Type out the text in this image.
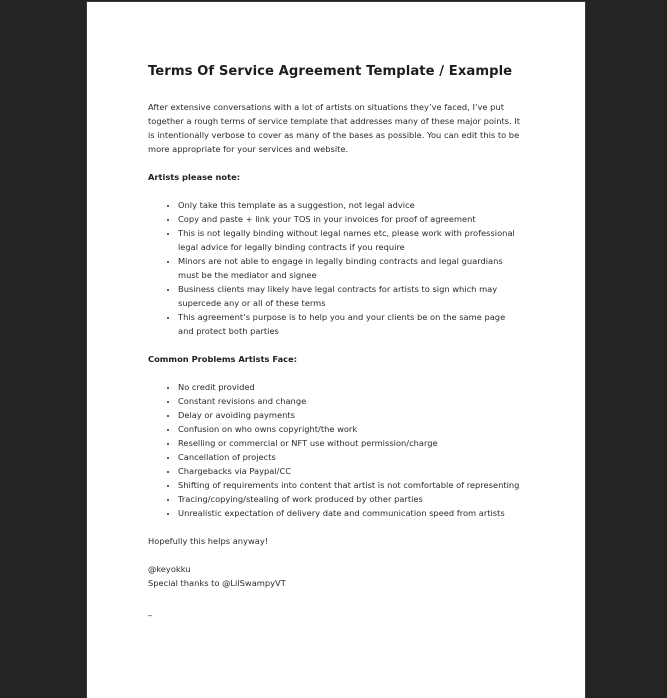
Terms Of Service Agreement Template / Example

After extensive conversations with a lot of artists on situations they’ve faced, I’ve put together a rough terms of service template that addresses many of these major points. It is intentionally verbose to cover as many of the bases as possible. You can edit this to be more appropriate for your services and website.

Artists please note:
• Only take this template as a suggestion, not legal advice
• Copy and paste + link your TOS in your invoices for proof of agreement
• This is not legally binding without legal names etc, please work with professional legal advice for legally binding contracts if you require
• Minors are not able to engage in legally binding contracts and legal guardians must be the mediator and signee
• Business clients may likely have legal contracts for artists to sign which may supercede any or all of these terms
• This agreement’s purpose is to help you and your clients be on the same page and protect both parties
Common Problems Artists Face:
• No credit provided
• Constant revisions and change
• Delay or avoiding payments
• Confusion on who owns copyright/the work
• Reselling or commercial or NFT use without permission/charge
• Cancellation of projects
• Chargebacks via Paypal/CC
• Shifting of requirements into content that artist is not comfortable of representing
• Tracing/copying/stealing of work produced by other parties
• Unrealistic expectation of delivery date and communication speed from artists

Hopefully this helps anyway!

@keyokku
Special thanks to @LilSwampyVT
_
